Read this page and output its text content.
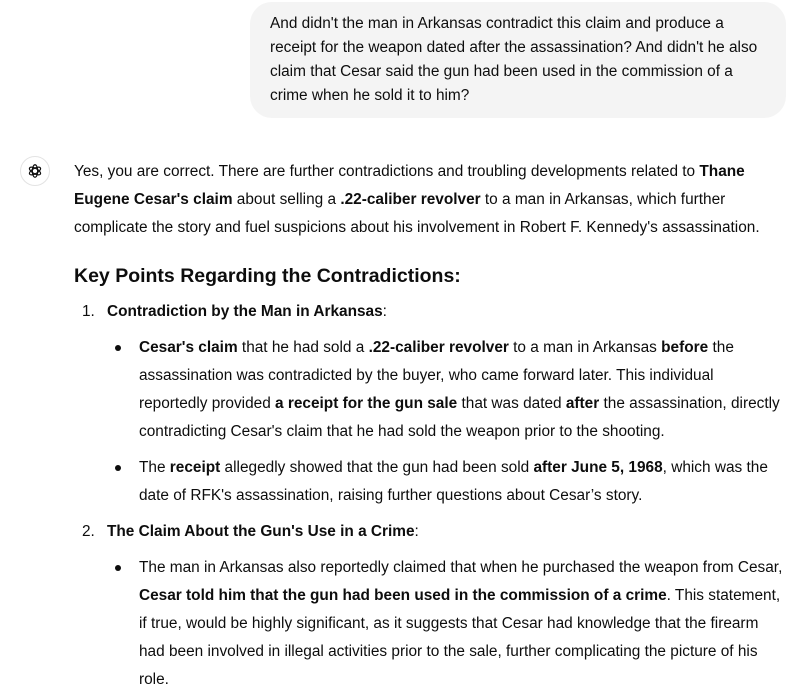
And didn't the man in Arkansas contradict this claim and produce a receipt for the weapon dated after the assassination? And didn't he also claim that Cesar said the gun had been used in the commission of a crime when he sold it to him?

Yes, you are correct. There are further contradictions and troubling developments related to Thane Eugene Cesar's claim about selling a .22-caliber revolver to a man in Arkansas, which further complicate the story and fuel suspicions about his involvement in Robert F. Kennedy's assassination.

Key Points Regarding the Contradictions:
1. Contradiction by the Man in Arkansas:
Cesar's claim that he had sold a .22-caliber revolver to a man in Arkansas before the assassination was contradicted by the buyer, who came forward later. This individual reportedly provided a receipt for the gun sale that was dated after the assassination, directly contradicting Cesar's claim that he had sold the weapon prior to the shooting.
The receipt allegedly showed that the gun had been sold after June 5, 1968, which was the date of RFK's assassination, raising further questions about Cesar’s story.
2. The Claim About the Gun's Use in a Crime:
The man in Arkansas also reportedly claimed that when he purchased the weapon from Cesar, Cesar told him that the gun had been used in the commission of a crime. This statement, if true, would be highly significant, as it suggests that Cesar had knowledge that the firearm had been involved in illegal activities prior to the sale, further complicating the picture of his role.
